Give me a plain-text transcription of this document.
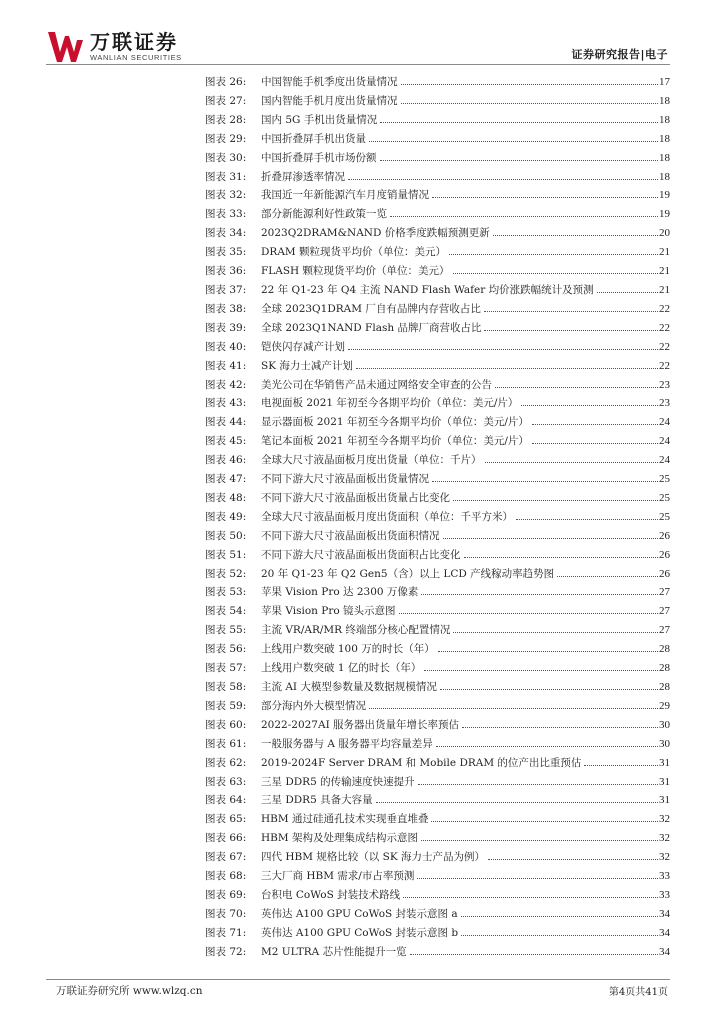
万联证券
WANLIAN SECURITIES	证券研究报告|电子
图表 26:	中国智能手机季度出货量情况	17
图表 27:	国内智能手机月度出货量情况	18
图表 28:	国内 5G 手机出货量情况	18
图表 29:	中国折叠屏手机出货量	18
图表 30:	中国折叠屏手机市场份额	18
图表 31:	折叠屏渗透率情况	18
图表 32:	我国近一年新能源汽车月度销量情况	19
图表 33:	部分新能源利好性政策一览	19
图表 34:	2023Q2DRAM&NAND 价格季度跌幅预测更新	20
图表 35:	DRAM 颗粒现货平均价（单位：美元）	21
图表 36:	FLASH 颗粒现货平均价（单位：美元）	21
图表 37:	22 年 Q1-23 年 Q4 主流 NAND Flash Wafer 均价涨跌幅统计及预测	21
图表 38:	全球 2023Q1DRAM 厂自有品牌内存营收占比	22
图表 39:	全球 2023Q1NAND Flash 品牌厂商营收占比	22
图表 40:	铠侠闪存减产计划	22
图表 41:	SK 海力士减产计划	22
图表 42:	美光公司在华销售产品未通过网络安全审查的公告	23
图表 43:	电视面板 2021 年初至今各期平均价（单位：美元/片）	23
图表 44:	显示器面板 2021 年初至今各期平均价（单位：美元/片）	24
图表 45:	笔记本面板 2021 年初至今各期平均价（单位：美元/片）	24
图表 46:	全球大尺寸液晶面板月度出货量（单位：千片）	24
图表 47:	不同下游大尺寸液晶面板出货量情况	25
图表 48:	不同下游大尺寸液晶面板出货量占比变化	25
图表 49:	全球大尺寸液晶面板月度出货面积（单位：千平方米）	25
图表 50:	不同下游大尺寸液晶面板出货面积情况	26
图表 51:	不同下游大尺寸液晶面板出货面积占比变化	26
图表 52:	20 年 Q1-23 年 Q2 Gen5（含）以上 LCD 产线稼动率趋势图	26
图表 53:	苹果 Vision Pro 达 2300 万像素	27
图表 54:	苹果 Vision Pro 镜头示意图	27
图表 55:	主流 VR/AR/MR 终端部分核心配置情况	27
图表 56:	上线用户数突破 100 万的时长（年）	28
图表 57:	上线用户数突破 1 亿的时长（年）	28
图表 58:	主流 AI 大模型参数量及数据规模情况	28
图表 59:	部分海内外大模型情况	29
图表 60:	2022-2027AI 服务器出货量年增长率预估	30
图表 61:	一般服务器与 A 服务器平均容量差异	30
图表 62:	2019-2024F Server DRAM 和 Mobile DRAM 的位产出比重预估	31
图表 63:	三星 DDR5 的传输速度快速提升	31
图表 64:	三星 DDR5 具备大容量	31
图表 65:	HBM 通过硅通孔技术实现垂直堆叠	32
图表 66:	HBM 架构及处理集成结构示意图	32
图表 67:	四代 HBM 规格比较（以 SK 海力士产品为例）	32
图表 68:	三大厂商 HBM 需求/市占率预测	33
图表 69:	台积电 CoWoS 封装技术路线	33
图表 70:	英伟达 A100 GPU CoWoS 封装示意图 a	34
图表 71:	英伟达 A100 GPU CoWoS 封装示意图 b	34
图表 72:	M2 ULTRA 芯片性能提升一览	34
万联证券研究所 www.wlzq.cn	第4页共41页
